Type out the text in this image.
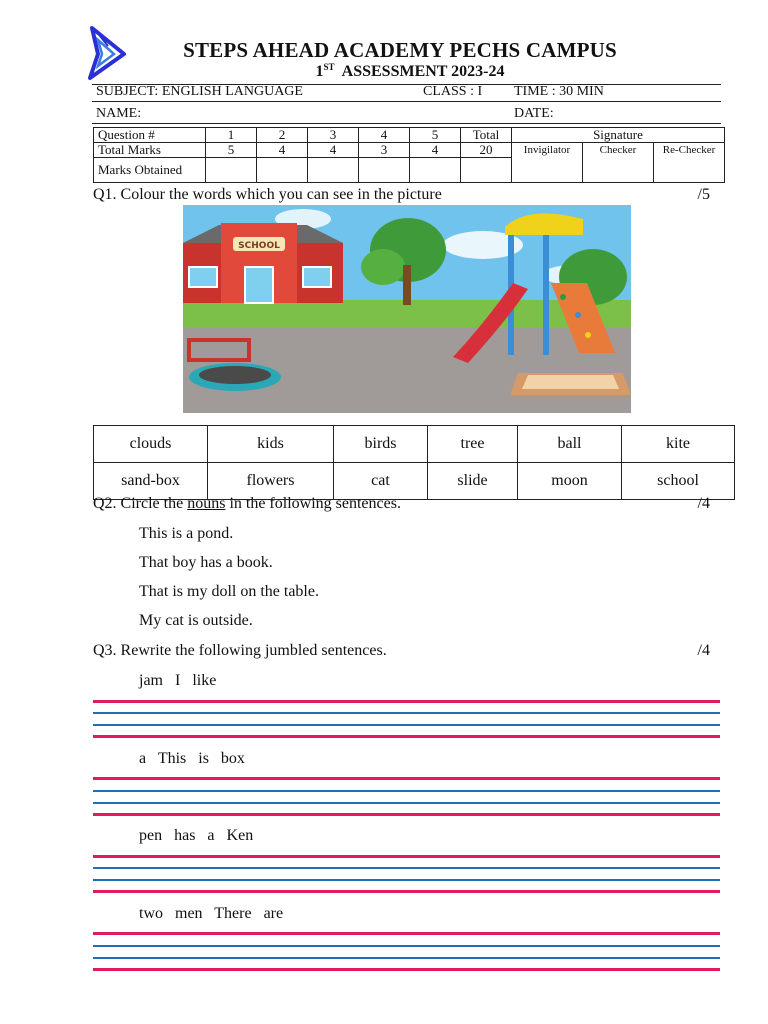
STEPS AHEAD ACADEMY PECHS CAMPUS
1ST ASSESSMENT 2023-24
SUBJECT: ENGLISH LANGUAGE	CLASS : I TIME : 30 MIN
NAME:	DATE:
Question #	1	2	3	4	5	Total	Signature		
Total Marks	5	4	4	3	4	20	Invigilator	Checker	Re-Checker
Marks Obtained									
Q1. Colour the words which you can see in the picture	/5
SCHOOL
clouds	kids	birds	tree	ball	kite
sand-box	flowers	cat	slide	moon	school
Q2. Circle the nouns in the following sentences.	/4
This is a pond.
That boy has a book.
That is my doll on the table.
My cat is outside.
Q3. Rewrite the following jumbled sentences.	/4
jam I like
a This is box
pen has a Ken
two men There are
